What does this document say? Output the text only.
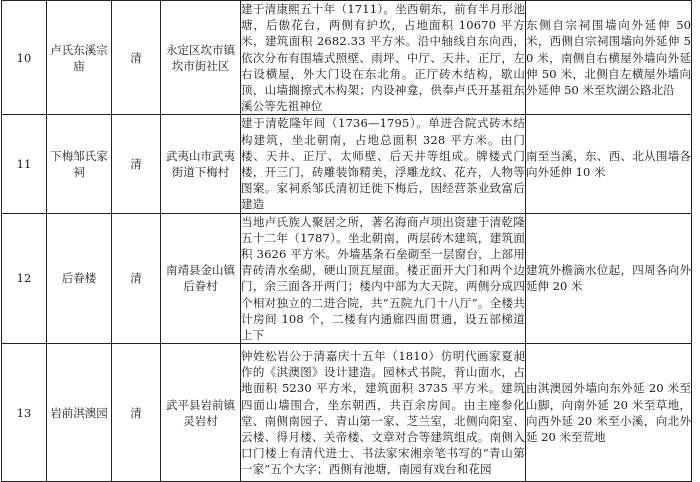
10	卢氏东溪宗庙	清	永定区坎市镇坎市街社区	建于清康熙五十年（1711）。坐西朝东，前有半月形池塘，后傲花台，两侧有护坎，占地面积 10670 平方米，建筑面积 2682.33 平方米。沿中轴线自东向西，依次分布有围墙式照壁、雨坪、中厅、天井、正厅，左右设横屋，外大门设在东北角。正厅砖木结构，歇山顶，山墙搁擦式木构架；内设神龛，供奉卢氏开基祖东溪公等先祖神位	东侧自宗祠围墙向外延伸 50 米，西侧自宗祠围墙向外延伸 50 米，南侧自右横屋外墙向外延伸 50 米，北侧自左横屋外墙向外延伸 50 米至坎湖公路北沿
11	下梅邹氏家祠	清	武夷山市武夷街道下梅村	建于清乾隆年间（1736—1795）。单进合院式砖木结构建筑，坐北朝南，占地总面积 328 平方米。由门楼、天井、正厅、太师壁、后天井等组成。牌楼式门楼，开三门，砖雕装饰精美，浮雕龙纹、花卉，人物等图案。家祠系邹氏清初迁徙下梅后，因经营茶业致富后建造	南至当溪，东、西、北从围墙各向外延伸 10 米
12	后眷楼	清	南靖县金山镇后眷村	当地卢氏族人聚居之所，著名海商卢项出资建于清乾隆五十二年（1787）。坐北朝南，两层砖木建筑，建筑面积 3626 平方米。外墙基条石垒砌至一层窗台，上部用青砖清水垒砌，硬山顶瓦屋面。楼正面开大门和两个边门，余三面各开两门；楼内中部为大天院，两侧分成四个相对独立的二进合院，共“五院九门十八厅”。全楼共计房间 108 个，二楼有内通廊四面贯通，设五部梯道上下	建筑外檐滴水位起，四周各向外延伸 20 米
13	岩前淇澳园	清	武平县岩前镇灵岩村	钟姓松岩公于清嘉庆十五年（1810）仿明代画家夏昶作的《淇澳图》设计建造。园林式书院，背山面水，占地面积 5230 平方米，建筑面积 3735 平方米。建筑四面山墙围合，坐东朝西，共百余房间。由主座参化堂、南侧南园子、青山第一家、芝兰室，北侧向阳室、云楼、得月楼、关帝楼、文章对合等建筑组成。南侧入口门楼上有清代进士、书法家宋湘亲笔书写的“青山第一家”五个大字；西侧有池塘，南园有戏台和花园	由淇澳园外墙向东外延 20 米至山脚，向南外延 20 米至草地，向西外延 20 米至小溪，向北外延 20 米至荒地
